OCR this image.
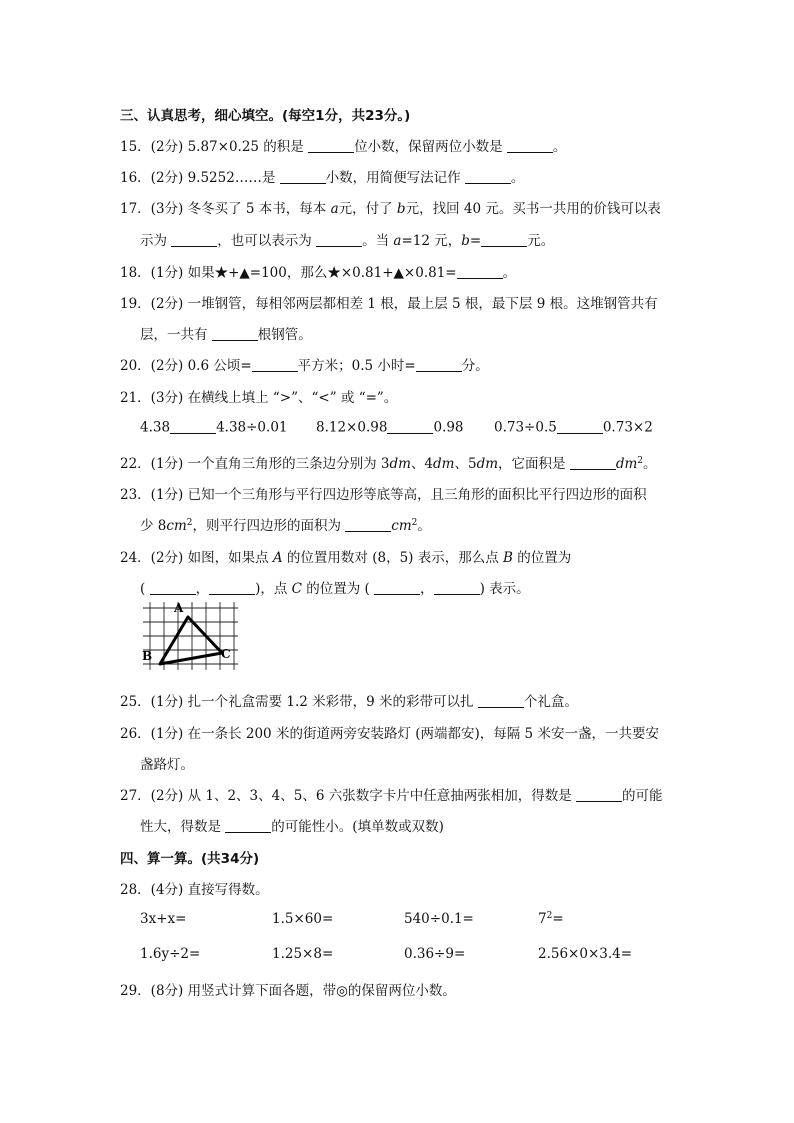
三、认真思考，细心填空。(每空1分，共23分。)
15．(2分) 5.87×0.25 的积是	位小数，保留两位小数是	。
16．(2分) 9.5252……是	小数，用简便写法记作	。
17．(3分) 冬冬买了 5 本书，每本 a元，付了 b元，找回 40 元。买书一共用的价钱可以表
示为	，也可以表示为	。当 a=12 元，b=	元。
18．(1分) 如果★+▲=100，那么★×0.81+▲×0.81=	。
19．(2分) 一堆钢管，每相邻两层都相差 1 根，最上层 5 根，最下层 9 根。这堆钢管共有
层，一共有	根钢管。
20．(2分) 0.6 公顷=	平方米；0.5 小时=	分。
21．(3分) 在横线上填上 “>”、“<” 或 “=”。
4.38	4.38÷0.01 8.12×0.98	0.98 0.73÷0.5	0.73×2
22．(1分) 一个直角三角形的三条边分别为 3dm、4dm、5dm，它面积是	$dm^2$。
23．(1分) 已知一个三角形与平行四边形等底等高，且三角形的面积比平行四边形的面积
少 $8cm^2$，则平行四边形的面积为	$cm^2$。
24．(2分) 如图，如果点 A 的位置用数对 (8，5) 表示，那么点 B 的位置为
(	，	)，点 C 的位置为 (	，	) 表示。
A
B	C
25．(1分) 扎一个礼盒需要 1.2 米彩带，9 米的彩带可以扎	个礼盒。
26．(1分) 在一条长 200 米的街道两旁安装路灯 (两端都安)，每隔 5 米安一盏，一共要安
盏路灯。
27．(2分) 从 1、2、3、4、5、6 六张数字卡片中任意抽两张相加，得数是	的可能
性大，得数是	的可能性小。(填单数或双数)
四、算一算。(共34分)
28．(4分) 直接写得数。
3x+x=	1.5×60=	540÷0.1=	$7^2=$
1.6y÷2=	1.25×8=	0.36÷9=	2.56×0×3.4=
29．(8分) 用竖式计算下面各题，带◎的保留两位小数。
